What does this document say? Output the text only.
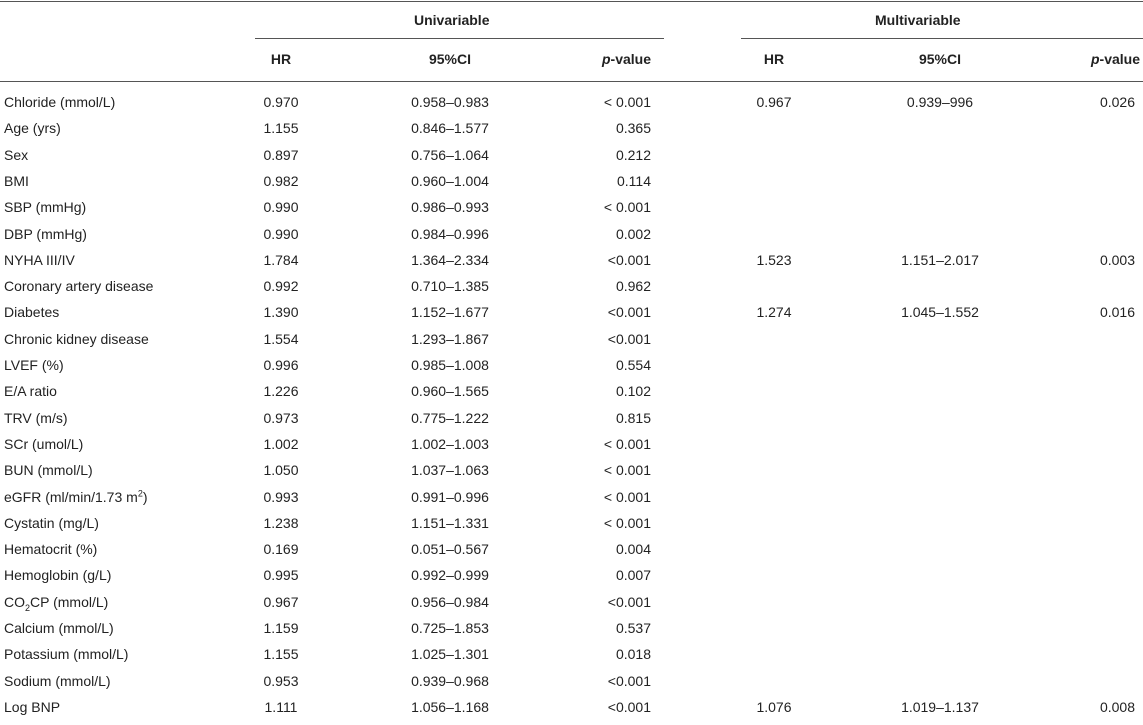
Univariable	Multivariable
HR	95%CI	p-value	HR	95%CI	p-value
Chloride (mmol/L)	0.970	0.958–0.983	< 0.001	0.967	0.939–996	0.026
Age (yrs)	1.155	0.846–1.577	0.365
Sex	0.897	0.756–1.064	0.212
BMI	0.982	0.960–1.004	0.114
SBP (mmHg)	0.990	0.986–0.993	< 0.001
DBP (mmHg)	0.990	0.984–0.996	0.002
NYHA III/IV	1.784	1.364–2.334	<0.001	1.523	1.151–2.017	0.003
Coronary artery disease	0.992	0.710–1.385	0.962
Diabetes	1.390	1.152–1.677	<0.001	1.274	1.045–1.552	0.016
Chronic kidney disease	1.554	1.293–1.867	<0.001
LVEF (%)	0.996	0.985–1.008	0.554
E/A ratio	1.226	0.960–1.565	0.102
TRV (m/s)	0.973	0.775–1.222	0.815
SCr (umol/L)	1.002	1.002–1.003	< 0.001
BUN (mmol/L)	1.050	1.037–1.063	< 0.001
eGFR (ml/min/1.73 $m^2$)	0.993	0.991–0.996	< 0.001
Cystatin (mg/L)	1.238	1.151–1.331	< 0.001
Hematocrit (%)	0.169	0.051–0.567	0.004
Hemoglobin (g/L)	0.995	0.992–0.999	0.007
$CO_2CP$ (mmol/L)	0.967	0.956–0.984	<0.001
Calcium (mmol/L)	1.159	0.725–1.853	0.537
Potassium (mmol/L)	1.155	1.025–1.301	0.018
Sodium (mmol/L)	0.953	0.939–0.968	<0.001
Log BNP	1.111	1.056–1.168	<0.001	1.076	1.019–1.137	0.008
